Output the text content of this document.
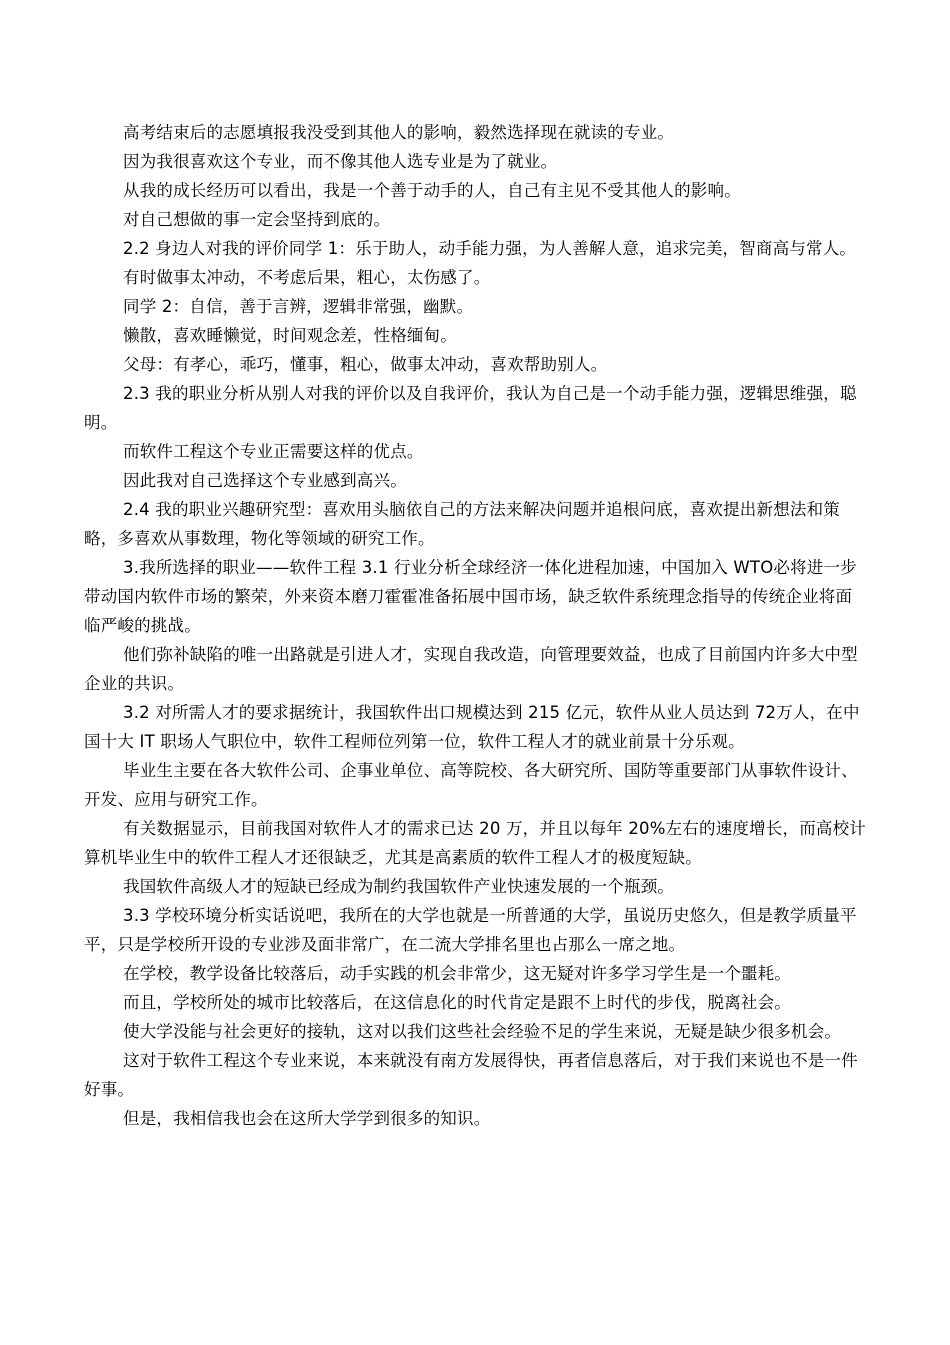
高考结束后的志愿填报我没受到其他人的影响，毅然选择现在就读的专业。

因为我很喜欢这个专业，而不像其他人选专业是为了就业。

从我的成长经历可以看出，我是一个善于动手的人，自己有主见不受其他人的影响。

对自己想做的事一定会坚持到底的。

2.2 身边人对我的评价同学 1：乐于助人，动手能力强，为人善解人意，追求完美，智商高与常人。

有时做事太冲动，不考虑后果，粗心，太伤感了。

同学 2：自信，善于言辨，逻辑非常强，幽默。

懒散，喜欢睡懒觉，时间观念差，性格缅甸。

父母：有孝心，乖巧，懂事，粗心，做事太冲动，喜欢帮助别人。

2.3 我的职业分析从别人对我的评价以及自我评价，我认为自己是一个动手能力强，逻辑思维强，聪明。

而软件工程这个专业正需要这样的优点。

因此我对自己选择这个专业感到高兴。

2.4 我的职业兴趣研究型：喜欢用头脑依自己的方法来解决问题并追根问底，喜欢提出新想法和策略，多喜欢从事数理，物化等领域的研究工作。

3.我所选择的职业——软件工程 3.1 行业分析全球经济一体化进程加速，中国加入 WTO必将进一步带动国内软件市场的繁荣，外来资本磨刀霍霍准备拓展中国市场，缺乏软件系统理念指导的传统企业将面临严峻的挑战。

他们弥补缺陷的唯一出路就是引进人才，实现自我改造，向管理要效益，也成了目前国内许多大中型企业的共识。

3.2 对所需人才的要求据统计，我国软件出口规模达到 215 亿元，软件从业人员达到 72万人，在中国十大 IT 职场人气职位中，软件工程师位列第一位，软件工程人才的就业前景十分乐观。

毕业生主要在各大软件公司、企事业单位、高等院校、各大研究所、国防等重要部门从事软件设计、开发、应用与研究工作。

有关数据显示，目前我国对软件人才的需求已达 20 万，并且以每年 20%左右的速度增长，而高校计算机毕业生中的软件工程人才还很缺乏，尤其是高素质的软件工程人才的极度短缺。

我国软件高级人才的短缺已经成为制约我国软件产业快速发展的一个瓶颈。

3.3 学校环境分析实话说吧，我所在的大学也就是一所普通的大学，虽说历史悠久，但是教学质量平平，只是学校所开设的专业涉及面非常广，在二流大学排名里也占那么一席之地。

在学校，教学设备比较落后，动手实践的机会非常少，这无疑对许多学习学生是一个噩耗。

而且，学校所处的城市比较落后，在这信息化的时代肯定是跟不上时代的步伐，脱离社会。

使大学没能与社会更好的接轨，这对以我们这些社会经验不足的学生来说，无疑是缺少很多机会。

这对于软件工程这个专业来说，本来就没有南方发展得快，再者信息落后，对于我们来说也不是一件好事。

但是，我相信我也会在这所大学学到很多的知识。
